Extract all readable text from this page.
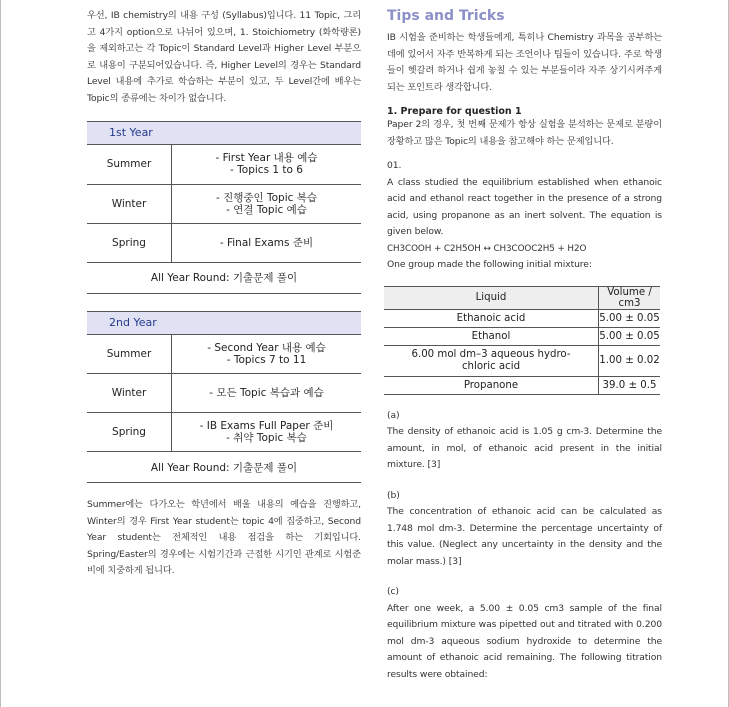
우선, IB chemistry의 내용 구성 (Syllabus)입니다. 11 Topic, 그리고 4가지 option으로 나뉘어 있으며, 1. Stoichiometry (화학량론) 을 제외하고는 각 Topic이 Standard Level과 Higher Level 부분으로 내용이 구분되어있습니다. 즉, Higher Level의 경우는 Standard Level 내용에 추가로 학습하는 부분이 있고, 두 Level간에 배우는 Topic의 종류에는 차이가 없습니다.

1st Year
Summer	- First Year 내용 예습
- Topics 1 to 6
Winter	- 진행중인 Topic 복습
- 연결 Topic 예습
Spring	- Final Exams 준비
All Year Round: 기출문제 풀이	
2nd Year
Summer	- Second Year 내용 예습
- Topics 7 to 11
Winter	- 모든 Topic 복습과 예습
Spring	- IB Exams Full Paper 준비
- 취약 Topic 복습
All Year Round: 기출문제 풀이	

Summer에는 다가오는 학년에서 배울 내용의 예습을 진행하고, Winter의 경우 First Year student는 topic 4에 집중하고, Second Year student는 전체적인 내용 점검을 하는 기회입니다. Spring/Easter의 경우에는 시험기간과 근접한 시기인 관계로 시험준비에 치중하게 됩니다.

Tips and Tricks

IB 시험을 준비하는 학생들에게, 특히나 Chemistry 과목을 공부하는데에 있어서 자주 반복하게 되는 조언이나 팁들이 있습니다. 주로 학생들이 헷갈려 하거나 쉽게 놓칠 수 있는 부분들이라 자주 상기시켜주게 되는 포인트라 생각합니다.

1. Prepare for question 1

Paper 2의 경우, 첫 번째 문제가 항상 실험을 분석하는 문제로 분량이 장황하고 많은 Topic의 내용을 참고해야 하는 문제입니다.

01.

A class studied the equilibrium established when ethanoic acid and ethanol react together in the presence of a strong acid, using propanone as an inert solvent. The equation is given below.

CH3COOH + C2H5OH ↔ CH3COOC2H5 + H2O

One group made the following initial mixture:

Liquid	Volume / cm3
Ethanoic acid	5.00 ± 0.05
Ethanol	5.00 ± 0.05
6.00 mol dm–3 aqueous hydro-chloric acid	1.00 ± 0.02
Propanone	39.0 ± 0.5

(a)

The density of ethanoic acid is 1.05 g cm-3. Determine the amount, in mol, of ethanoic acid present in the initial mixture. [3]

(b)

The concentration of ethanoic acid can be calculated as 1.748 mol dm-3. Determine the percentage uncertainty of this value. (Neglect any uncertainty in the density and the molar mass.) [3]

(c)

After one week, a 5.00 ± 0.05 cm3 sample of the final equilibrium mixture was pipetted out and titrated with 0.200 mol dm-3 aqueous sodium hydroxide to determine the amount of ethanoic acid remaining. The following titration results were obtained:
